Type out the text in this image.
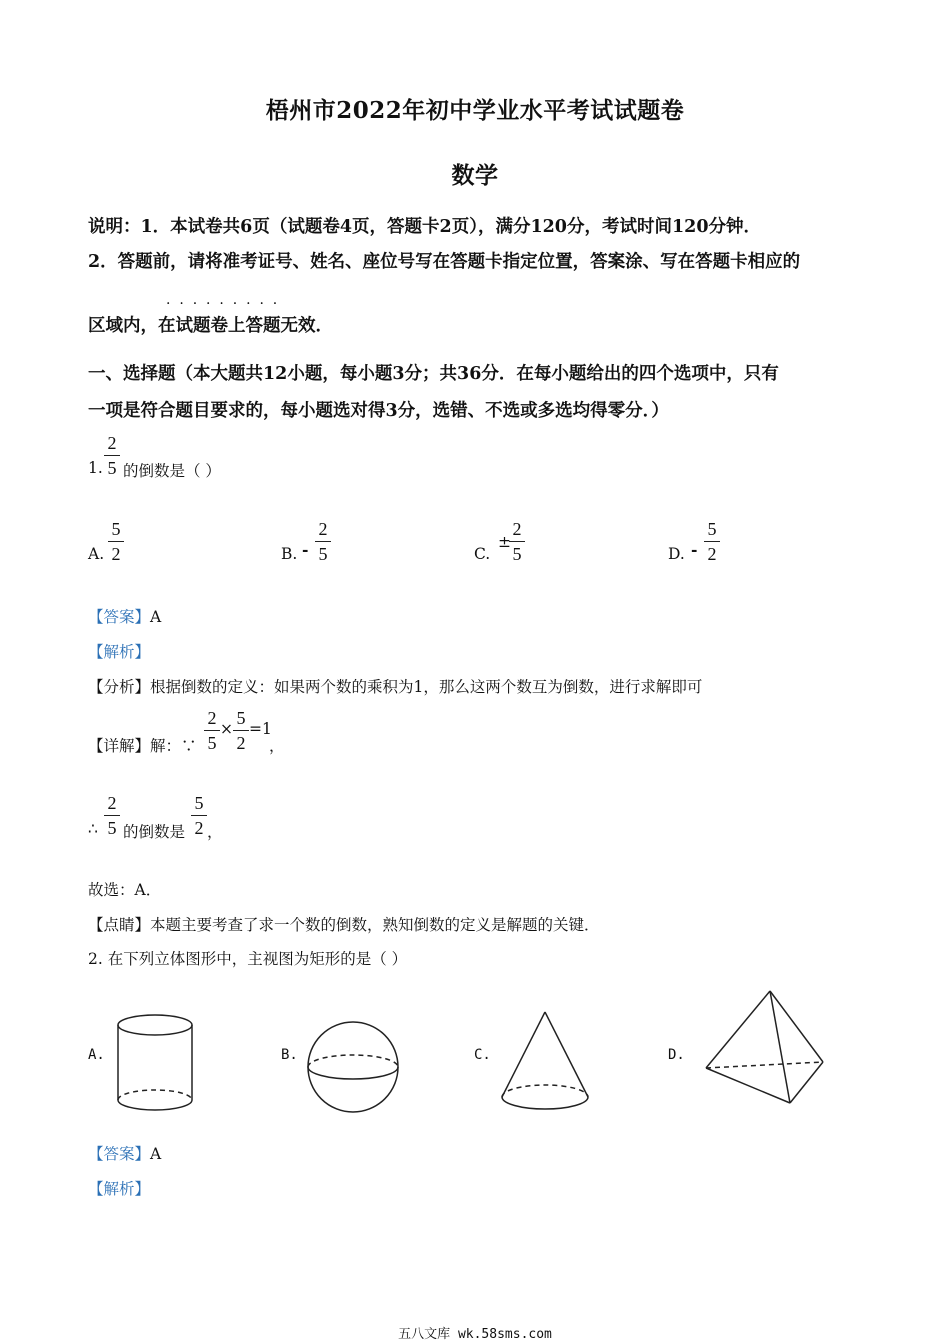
梧州市2022年初中学业水平考试试题卷
数学
说明：1．本试卷共6页（试题卷4页，答题卡2页），满分120分，考试时间120分钟．
2．答题前，请将准考证号、姓名、座位号写在答题卡指定位置，答案涂、写在答题卡相应的
·  ·  ·  ·  ·  ·  ·  ·  ·
区域内，在试题卷上答题无效．
一、选择题（本大题共12小题，每小题3分；共36分．在每小题给出的四个选项中，只有
一项是符合题目要求的，每小题选对得3分，选错、不选或多选均得零分．）
1.
2
5 的倒数是（ ）
A.
5
2	B. -
2
5	C.
±
2
5	D. -
5
2
【答案】A
【解析】
【分析】根据倒数的定义：如果两个数的乘积为1，那么这两个数互为倒数，进行求解即可
【详解】解：∵
2
5
×
5
2
=1
，
∴
2
5 的倒数是
5
2 ，
故选：A．
【点睛】本题主要考查了求一个数的倒数，熟知倒数的定义是解题的关键．
2. 在下列立体图形中，主视图为矩形的是（ ）
A.	B.	C.	D.
【答案】A
【解析】
五八文库 wk.58sms.com
